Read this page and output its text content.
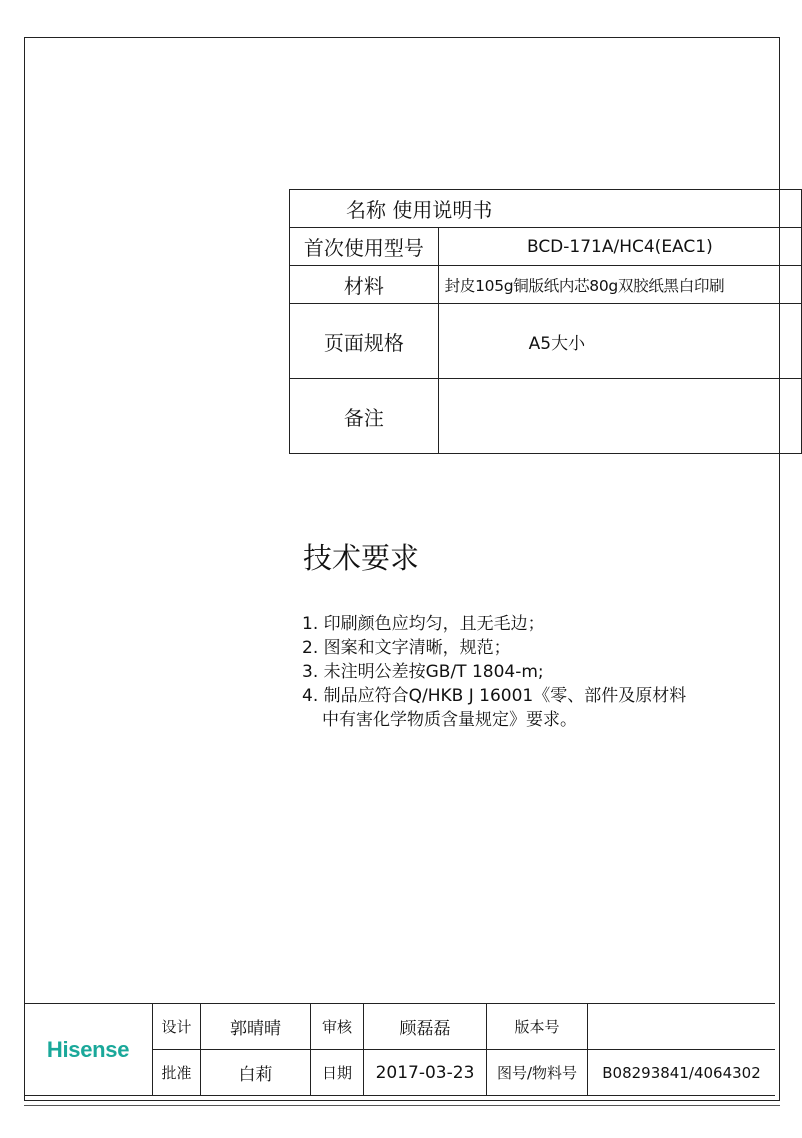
名称 使用说明书	
首次使用型号	BCD-171A/HC4(EAC1)
材料	封皮105g铜版纸内芯80g双胶纸黑白印刷
页面规格	A5大小
备注	
技术要求
1. 印刷颜色应均匀，且无毛边；
2. 图案和文字清晰，规范；
3. 未注明公差按GB/T 1804-m;
4. 制品应符合Q/HKB J 16001《零、部件及原材料
中有害化学物质含量规定》要求。
Hisense	设计	郭晴晴	审核	顾磊磊	版本号	
	批准	白莉	日期	2017-03-23	图号/物料号	B08293841/4064302
